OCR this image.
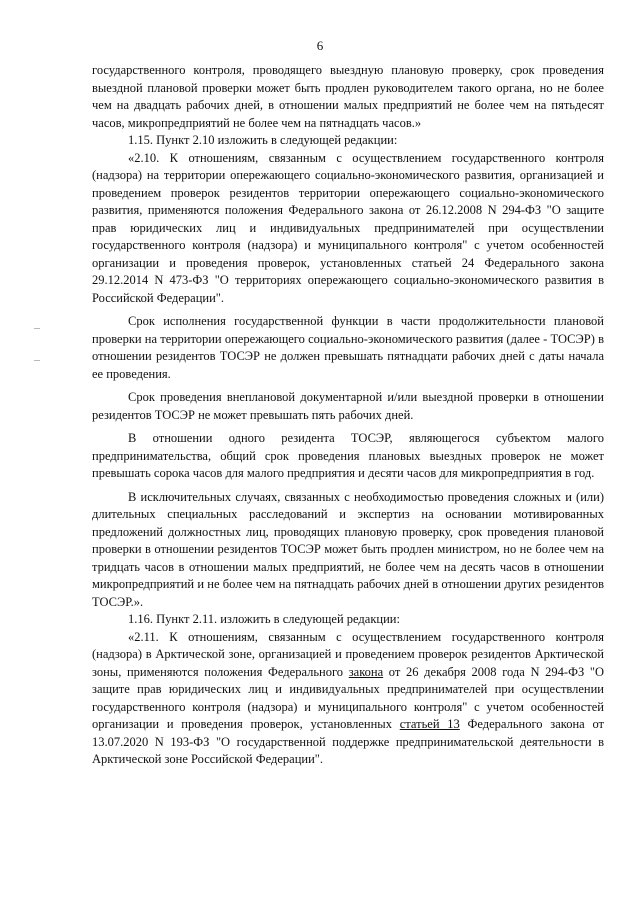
6

государственного контроля, проводящего выездную плановую проверку, срок проведения выездной плановой проверки может быть продлен руководителем такого органа, но не более чем на двадцать рабочих дней, в отношении малых предприятий не более чем на пятьдесят часов, микропредприятий не более чем на пятнадцать часов.»

1.15. Пункт 2.10 изложить в следующей редакции:

«2.10. К отношениям, связанным с осуществлением государственного контроля (надзора) на территории опережающего социально-экономического развития, организацией и проведением проверок резидентов территории опережающего социально-экономического развития, применяются положения Федерального закона от 26.12.2008 N 294-ФЗ "О защите прав юридических лиц и индивидуальных предпринимателей при осуществлении государственного контроля (надзора) и муниципального контроля" с учетом особенностей организации и проведения проверок, установленных статьей 24 Федерального закона 29.12.2014 N 473-ФЗ "О территориях опережающего социально-экономического развития в Российской Федерации".

Срок исполнения государственной функции в части продолжительности плановой проверки на территории опережающего социально-экономического развития (далее - ТОСЭР) в отношении резидентов ТОСЭР не должен превышать пятнадцати рабочих дней с даты начала ее проведения.

Срок проведения внеплановой документарной и/или выездной проверки в отношении резидентов ТОСЭР не может превышать пять рабочих дней.

В отношении одного резидента ТОСЭР, являющегося субъектом малого предпринимательства, общий срок проведения плановых выездных проверок не может превышать сорока часов для малого предприятия и десяти часов для микропредприятия в год.

В исключительных случаях, связанных с необходимостью проведения сложных и (или) длительных специальных расследований и экспертиз на основании мотивированных предложений должностных лиц, проводящих плановую проверку, срок проведения плановой проверки в отношении резидентов ТОСЭР может быть продлен министром, но не более чем на тридцать часов в отношении малых предприятий, не более чем на десять часов в отношении микропредприятий и не более чем на пятнадцать рабочих дней в отношении других резидентов ТОСЭР.».

1.16. Пункт 2.11. изложить в следующей редакции:

«2.11. К отношениям, связанным с осуществлением государственного контроля (надзора) в Арктической зоне, организацией и проведением проверок резидентов Арктической зоны, применяются положения Федерального закона от 26 декабря 2008 года N 294-ФЗ "О защите прав юридических лиц и индивидуальных предпринимателей при осуществлении государственного контроля (надзора) и муниципального контроля" с учетом особенностей организации и проведения проверок, установленных статьей 13 Федерального закона от 13.07.2020 N 193-ФЗ "О государственной поддержке предпринимательской деятельности в Арктической зоне Российской Федерации".
